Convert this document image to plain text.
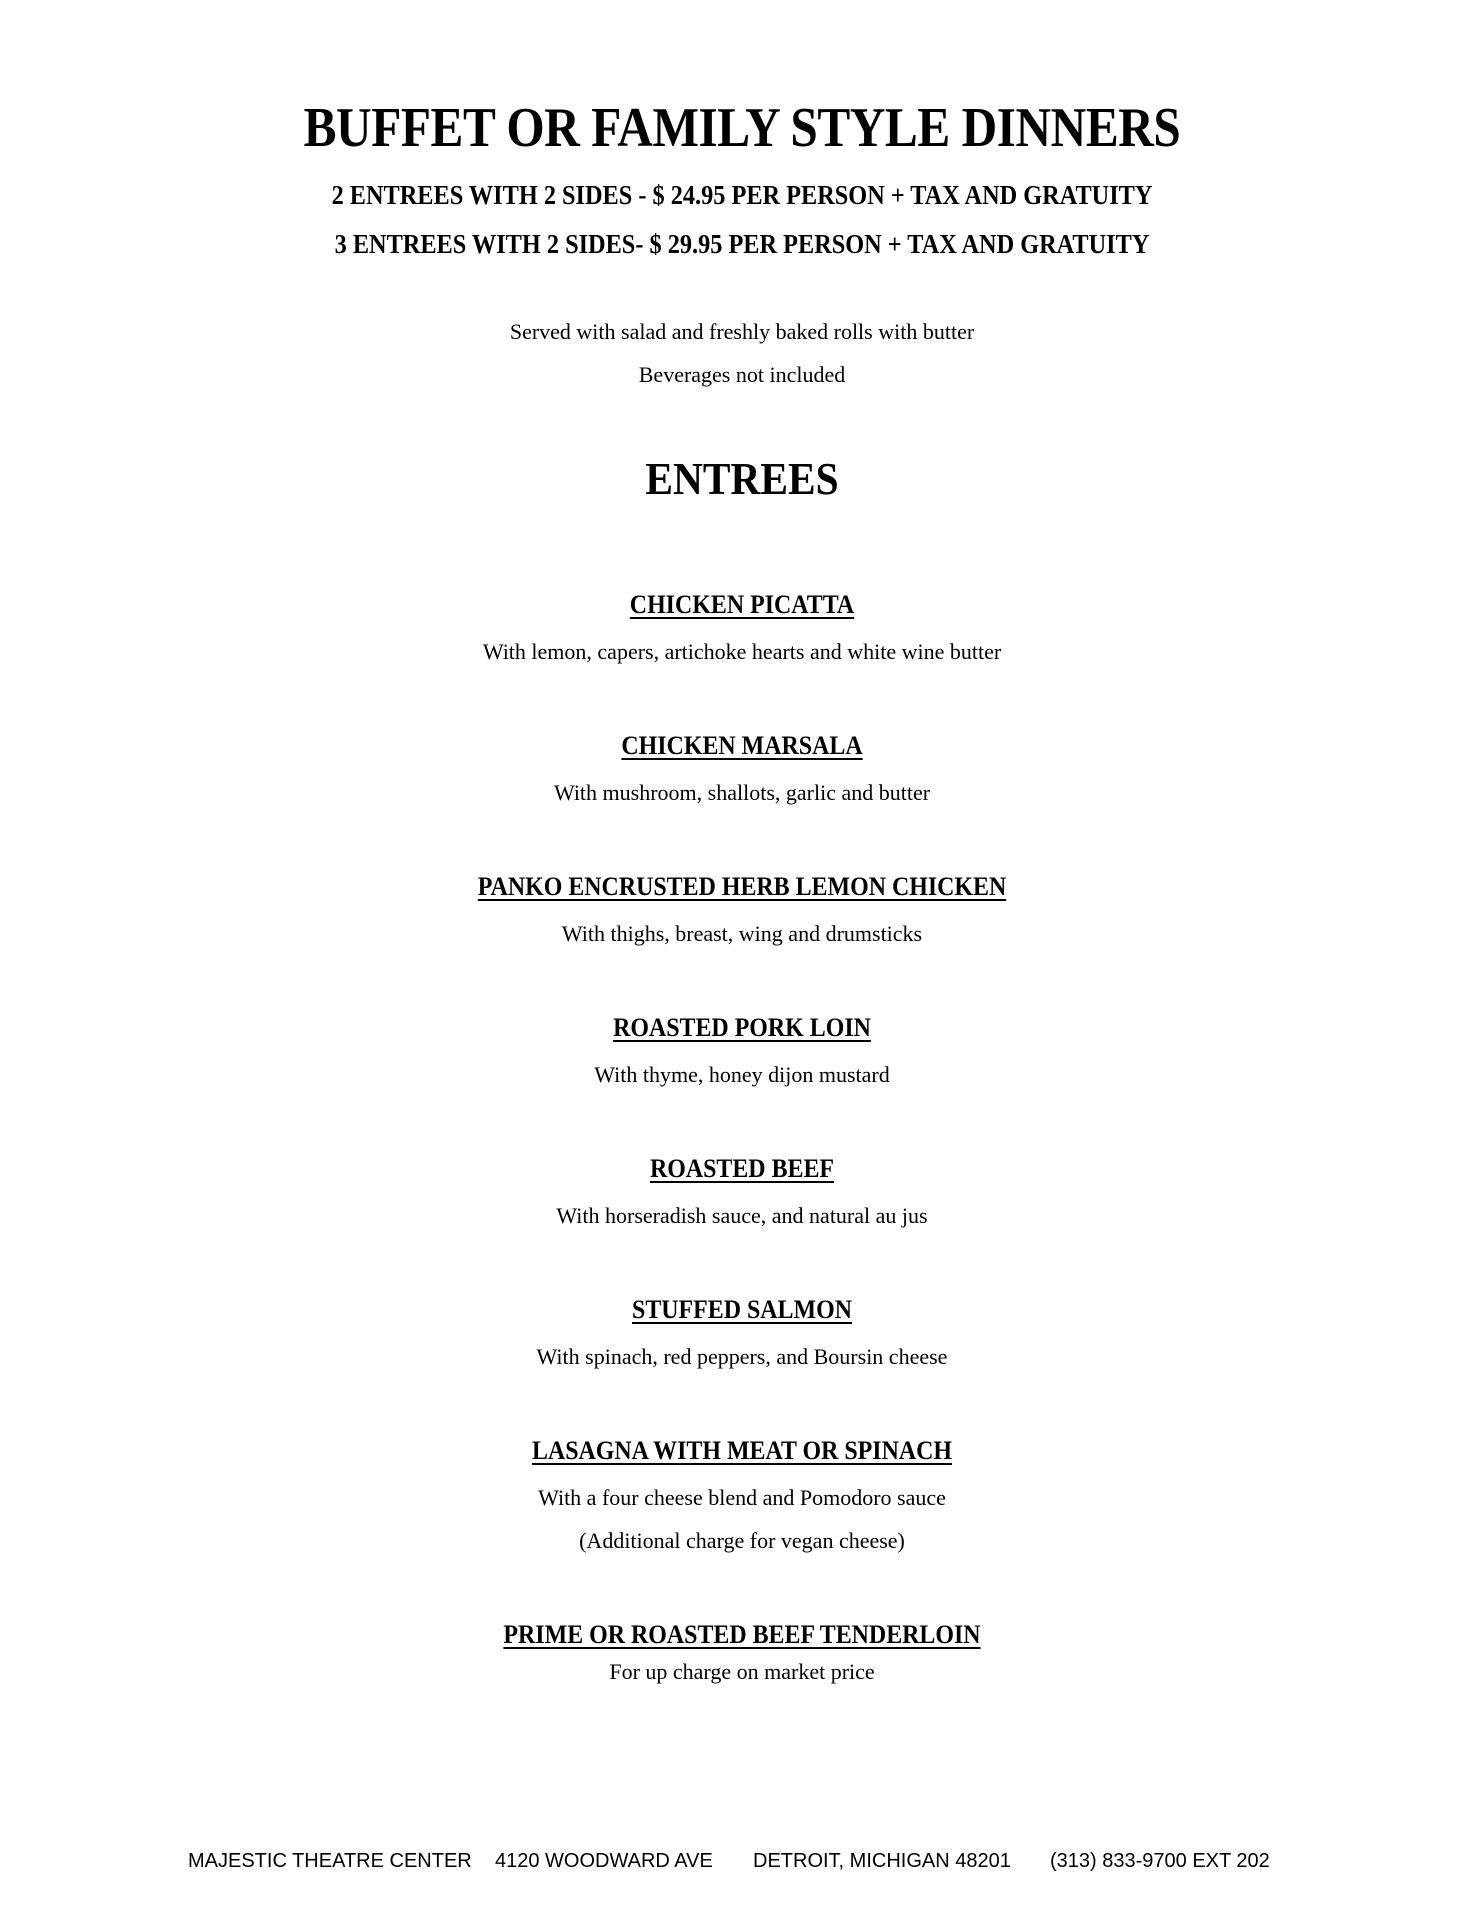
BUFFET OR FAMILY STYLE DINNERS
2 ENTREES WITH 2 SIDES - $ 24.95 PER PERSON + TAX AND GRATUITY
3 ENTREES WITH 2 SIDES- $ 29.95 PER PERSON + TAX AND GRATUITY
Served with salad and freshly baked rolls with butter
Beverages not included
ENTREES
CHICKEN PICATTA
With lemon, capers, artichoke hearts and white wine butter
CHICKEN MARSALA
With mushroom, shallots, garlic and butter
PANKO ENCRUSTED HERB LEMON CHICKEN
With thighs, breast, wing and drumsticks
ROASTED PORK LOIN
With thyme, honey dijon mustard
ROASTED BEEF
With horseradish sauce, and natural au jus
STUFFED SALMON
With spinach, red peppers, and Boursin cheese
LASAGNA WITH MEAT OR SPINACH
With a four cheese blend and Pomodoro sauce
(Additional charge for vegan cheese)
PRIME OR ROASTED BEEF TENDERLOIN
For up charge on market price
MAJESTIC THEATRE CENTER 4120 WOODWARD AVE DETROIT, MICHIGAN 48201 (313) 833-9700 EXT 202
